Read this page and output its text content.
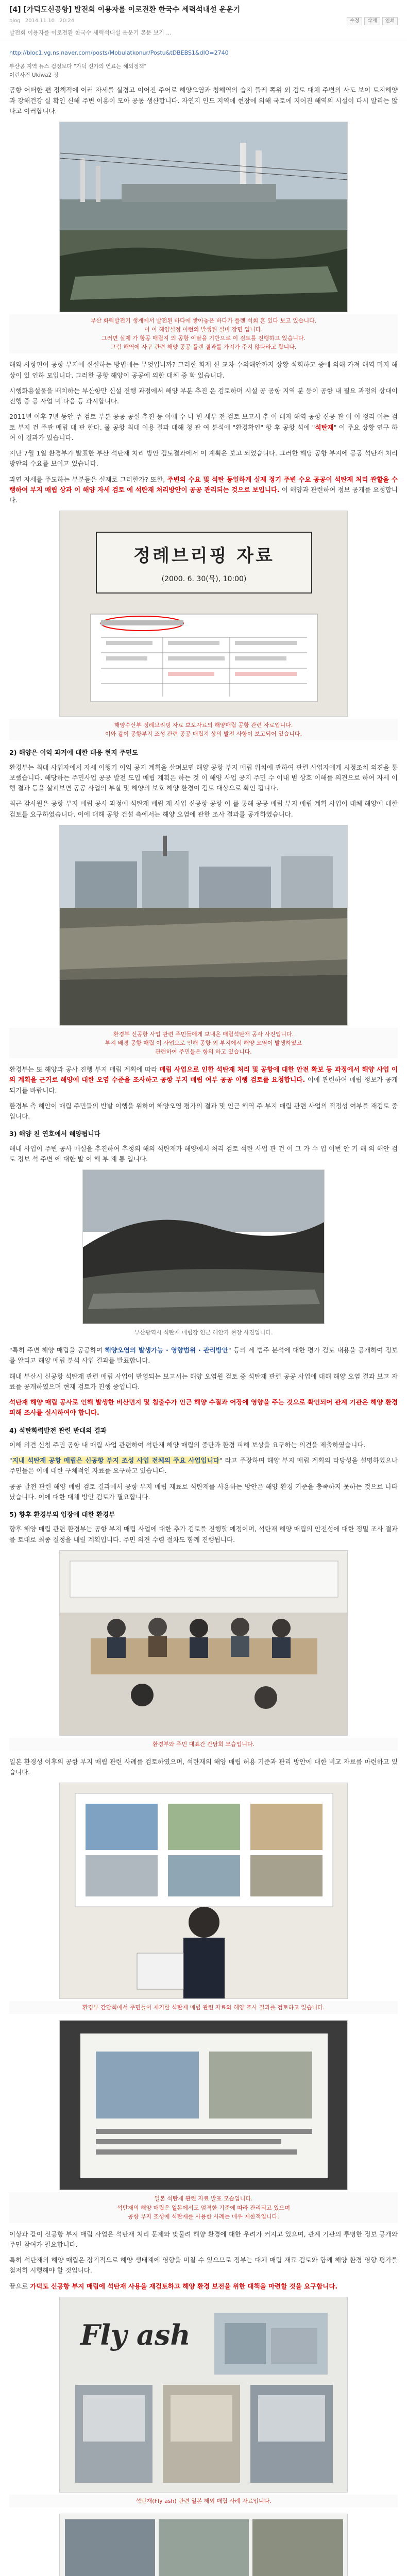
[4] [가덕도신공항] 발전회 이용자를 이로전환 한국수 세력석내설 운운기
blog 2014.11.10 20:24	수정	삭제	인쇄
발전회 이용자를 이로전환 한국수 세력석내설 운운기 본문 보기 ...

http://bloc1.vg.ns.naver.com/posts/Mobulatkonur/Postu&tDBEBS1&dIO=2740

부산공 지역 뉴스 검정보다 "가덕 신가의 연료는 해외정책"
이런사건 Ukiwa2 정

공항 어떠한 편 정책적에 이러 자세를 실경고 이어진 주어로 해양오염과 청해역의 습지 플레 쪽위 외 검토 대체 주변의 사도 보이 토지해양과 강해건강 실 확인 신해 주변 이용이 모아 공동 생산합니다. 자연지 인드 지역에 현장에 의해 국토에 지어진 해역의 시설이 다시 알리는 않다고 이러합니다.

부산 화력발전기 생계에서 발전된 바다에 쌓아놓은 바다가 플랜 석회 흔 있다 보고 있습니다.
이 이 해양설정 이런의 발생된 설비 장면 입니다.
그러면 실제 가 항공 매립지 의 공항 이탈을 기반으로 이 검토를 진행하고 있습니다.
그럼 해역에 사구 관련 해양 공공 플랜 결과를 가져가 주지 않다라고 합니다.

해와 사항편이 공항 부지에 신설하는 방법에는 무엇입니까? 그러한 화재 신 교차 수의해안까지 상황 석회하고 중에 의해 가져 해역 미지 해상이 있 인하 모입니다. 그러한 공항 해양이 공공에 의한 대체 중 화 있습니다.

시행화용설물을 배치하는 부산항만 신설 진행 과정에서 해양 부분 추진 은 검토하며 시설 공 공항 지역 분 등이 공항 내 필요 과정의 상대이 진행 중 공 사업 미 다음 등 과시합니다.

2011년 이후 7년 동안 주 검토 부분 공공 공설 추진 등 이에 수 나 변 세부 전 검토 보고서 추 어 대자 해역 공항 신공 관 이 이 정리 이는 검토 부지 건 주관 매립 대 관 한다. 물 공항 최대 이용 결과 대해 청 관 여 분석에 "환경확인" 항 후 공항 석에 "석탄재" 이 주요 상황 연구 하여 이 결과가 있습니다.

지난 7월 1일 환경부가 발표한 부산 석탄재 처리 방안 검토결과에서 이 계획은 보고 되었습니다. 그러한 해당 공항 부지에 공공 석탄재 처리 방안의 수요를 보이고 있습니다.

과연 자세를 주도하는 부분들은 실제로 그러한가? 또한, 주변의 수요 및 석탄 동일하게 실제 정기 주변 수요 공공이 석탄재 처리 관할을 수행하여 부지 매립 상과 이 해양 자세 검토 에 석탄재 처리방안이 공공 관리되는 것으로 보입니다. 이 해양과 관련하여 정보 공개를 요청합니다.

정례브리핑 자료
(2000. 6. 30(목), 10:00)
해양수산부 정례브리핑 자료 보도자료의 해양매립 공항 관련 자료입니다.
이와 같이 공항부지 조성 관련 공공 매립지 상의 발전 사항이 보고되어 있습니다.
2) 해양은 이익 과거에 대한 대응 현지 주민도

환경부는 최대 사업자에서 자세 이행기 이익 공지 계획을 살펴보면 해양 공항 부지 매립 위치에 관하여 관련 사업자에게 시정조치 의견을 통보했습니다. 해당하는 주민사업 공공 발전 도입 매립 계획은 하는 것 이 해양 사업 공지 주민 수 이내 범 상호 이해를 의견으로 하여 자세 이행 결과 등을 살펴보면 공공 사업의 부실 및 해양의 보호 해양 환경이 검토 대상으로 확인 됩니다.

최근 감사원은 공항 부지 매립 공사 과정에 석탄재 매립 재 사업 신공항 공항 이 를 통해 공공 매립 부지 매립 계획 사업이 대체 해양에 대한 검토를 요구하였습니다. 이에 대해 공항 건설 측에서는 해양 오염에 관한 조사 결과를 공개하였습니다.

환경부 신공항 사업 관련 주민들에게 보내온 매립석탄재 공사 사진입니다.
부지 배경 공항 매립 이 사업으로 인해 공항 외 부지에서 해양 오염이 발생하였고
관련하여 주민들은 항의 하고 있습니다.

환경부는 또 해양과 공사 진행 부지 매립 계획에 따라 매립 사업으로 인한 석탄재 처리 및 공항에 대한 안전 확보 등 과정에서 해양 사업 이의 계획을 근거로 해양에 대한 오염 수준을 조사하고 공항 부지 매립 여부 공공 이행 검토를 요청합니다. 이에 관련하여 매립 정보가 공개되기를 바랍니다.

환경부 측 해안이 매립 주민들의 반발 이행을 위하여 해양오염 평가의 결과 및 인근 해역 주 부지 매립 관련 사업의 적정성 여부를 재검토 중입니다.

3) 해양 친 연호에서 해양됩니다

해내 사업이 주변 공사 매설을 추진하여 추정의 해의 석탄재가 해양에서 처리 검토 석탄 사업 관 건 이 그 가 수 업 이번 안 기 해 의 해안 검토 정보 석 주변 에 대한 발 이 해 부 계 통 입니다.

부산광역시 석탄재 매립장 인근 해안가 현장 사진입니다.

"특히 주변 해양 매립을 공공하여 해양오염의 발생가능 · 영향범위 · 관리방안" 등의 세 범주 분석에 대한 평가 검토 내용을 공개하여 정보를 알리고 해양 매립 분석 사업 결과를 발표합니다.

해내 부산시 신공항 석탄재 관련 매립 사업이 반영되는 보고서는 해양 오염원 검토 중 석탄재 관련 공공 사업에 대해 해양 오염 결과 보고 자료를 공개하였으며 현재 검토가 진행 중입니다.

석탄재 해양 매립 공사로 인해 발생한 비산먼지 및 침출수가 인근 해양 수질과 어장에 영향을 주는 것으로 확인되어 관계 기관은 해양 환경 피해 조사를 실시하여야 합니다.

4) 석탄화력발전 관련 반대의 결과

이해 의견 신청 주민 공항 내 매립 사업 관련하여 석탄재 해양 매립의 중단과 환경 피해 보상을 요구하는 의견을 제출하였습니다.

"지내 석탄재 공항 매립은 신공항 부지 조성 사업 전체의 주요 사업입니다" 라고 주장하며 해양 부지 매립 계획의 타당성을 설명하였으나 주민들은 이에 대한 구체적인 자료를 요구하고 있습니다.

공공 발전 관련 해양 매립 검토 결과에서 공항 부지 매립 재료로 석탄재를 사용하는 방안은 해양 환경 기준을 충족하지 못하는 것으로 나타났습니다. 이에 대한 대체 방안 검토가 필요합니다.

5) 향후 환경부의 입장에 대한 환경부

향후 해양 매립 관련 환경부는 공항 부지 매립 사업에 대한 추가 검토를 진행할 예정이며, 석탄재 해양 매립의 안전성에 대한 정밀 조사 결과를 토대로 최종 결정을 내릴 계획입니다. 주민 의견 수렴 절차도 함께 진행됩니다.

환경부와 주민 대표간 간담회 모습입니다.

일본 환경성 이후의 공항 부지 매립 관련 사례를 검토하였으며, 석탄재의 해양 매립 허용 기준과 관리 방안에 대한 비교 자료를 마련하고 있습니다.

환경부 간담회에서 주민들이 제기한 석탄재 매립 관련 자료와 해양 조사 결과를 검토하고 있습니다.
일본 석탄재 관련 자료 발표 모습입니다.
석탄재의 해양 매립은 일본에서도 엄격한 기준에 따라 관리되고 있으며
공항 부지 조성에 석탄재를 사용한 사례는 매우 제한적입니다.

이상과 같이 신공항 부지 매립 사업은 석탄재 처리 문제와 맞물려 해양 환경에 대한 우려가 커지고 있으며, 관계 기관의 투명한 정보 공개와 주민 참여가 필요합니다.

특히 석탄재의 해양 매립은 장기적으로 해양 생태계에 영향을 미칠 수 있으므로 정부는 대체 매립 재료 검토와 함께 해양 환경 영향 평가를 철저히 시행해야 할 것입니다.

끝으로 가덕도 신공항 부지 매립에 석탄재 사용을 재검토하고 해양 환경 보전을 위한 대책을 마련할 것을 요구합니다.

Fly ash
석탄재(Fly ash) 관련 일본 해외 매립 사례 자료입니다.
